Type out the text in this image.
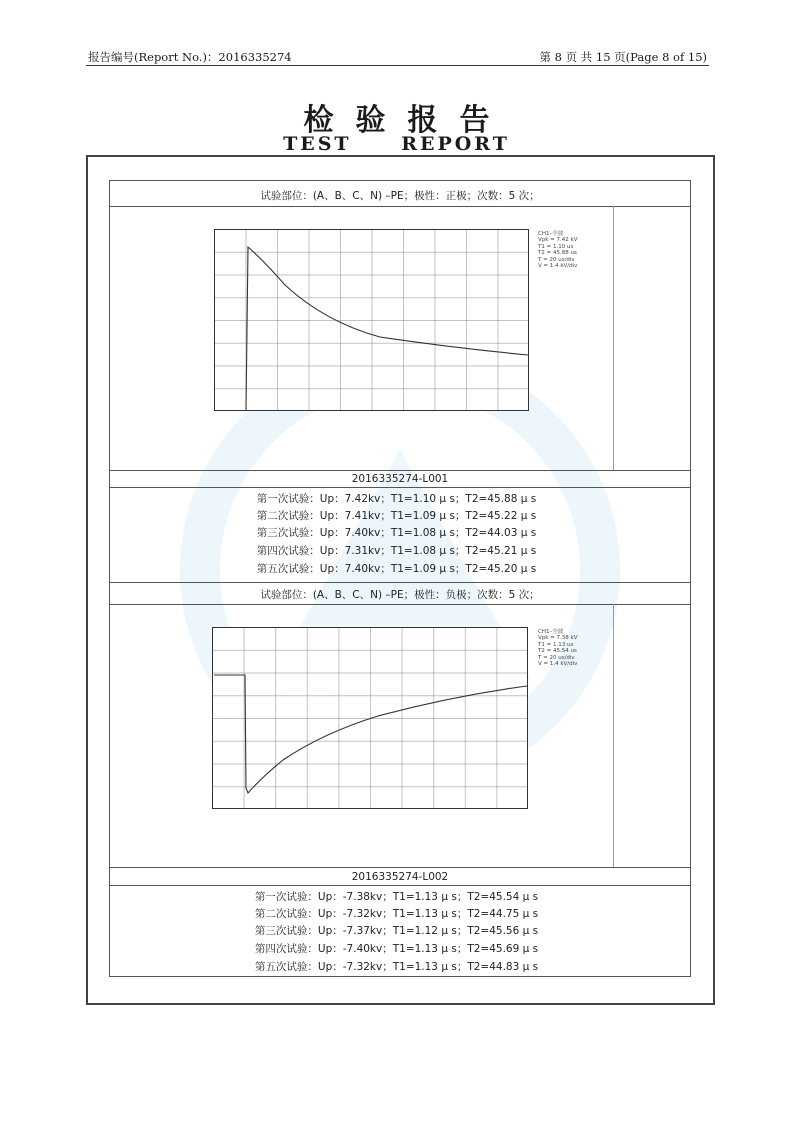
报告编号(Report No.)：2016335274	第 8 页 共 15 页(Page 8 of 15)
检验报告
TEST REPORT
试验部位：(A、B、C、N) –PE；极性：正极；次数：5 次；
CH1–全波
Vpk = 7.42 kV
T1 = 1.10 us
T2 = 45.88 us
T = 20 us/div
V = 1.4 kV/div
2016335274-L001
第一次试验：Up：7.42kv；T1=1.10 μ s；T2=45.88 μ s
第二次试验：Up：7.41kv；T1=1.09 μ s；T2=45.22 μ s
第三次试验：Up：7.40kv；T1=1.08 μ s；T2=44.03 μ s
第四次试验：Up：7.31kv；T1=1.08 μ s；T2=45.21 μ s
第五次试验：Up：7.40kv；T1=1.09 μ s；T2=45.20 μ s
试验部位：(A、B、C、N) –PE；极性：负极；次数：5 次；
CH1–全波
Vpk = 7.38 kV
T1 = 1.13 us
T2 = 45.54 us
T = 20 us/div
V = 1.4 kV/div
2016335274-L002
第一次试验：Up：-7.38kv；T1=1.13 μ s；T2=45.54 μ s
第二次试验：Up：-7.32kv；T1=1.13 μ s；T2=44.75 μ s
第三次试验：Up：-7.37kv；T1=1.12 μ s；T2=45.56 μ s
第四次试验：Up：-7.40kv；T1=1.13 μ s；T2=45.69 μ s
第五次试验：Up：-7.32kv；T1=1.13 μ s；T2=44.83 μ s
